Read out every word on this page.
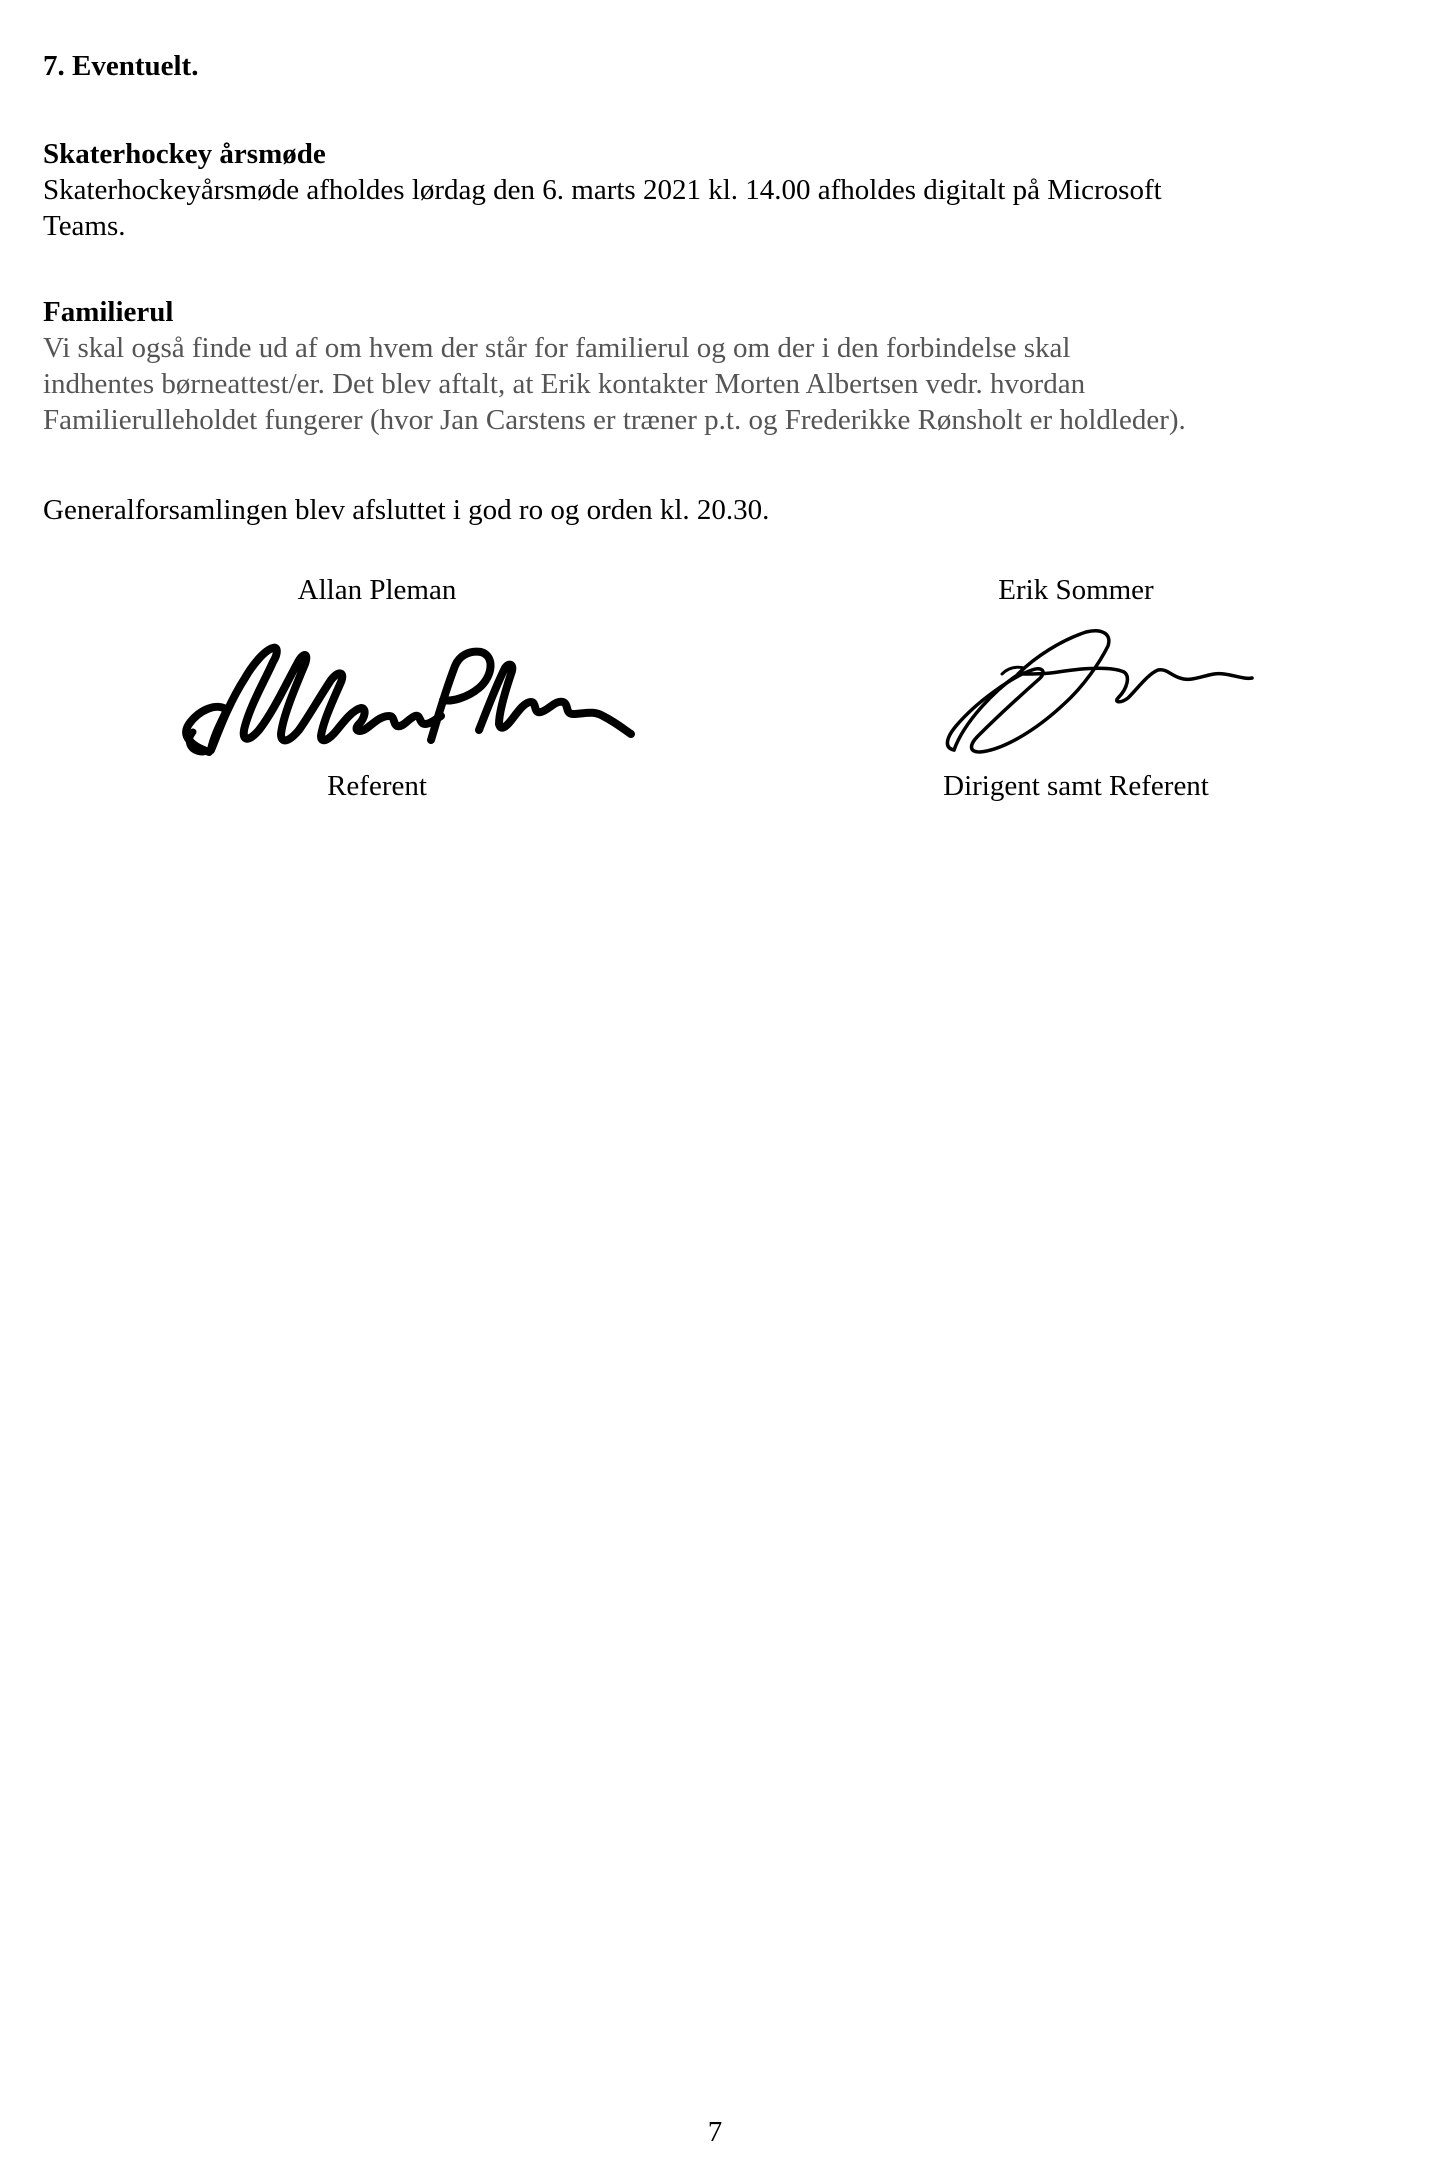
7. Eventuelt.
Skaterhockey årsmøde

Skaterhockeyårsmøde afholdes lørdag den 6. marts 2021 kl. 14.00 afholdes digitalt på Microsoft
Teams.

Familierul

Vi skal også finde ud af om hvem der står for familierul og om der i den forbindelse skal
indhentes børneattest/er. Det blev aftalt, at Erik kontakter Morten Albertsen vedr. hvordan
Familierulleholdet fungerer (hvor Jan Carstens er træner p.t. og Frederikke Rønsholt er holdleder).

Generalforsamlingen blev afsluttet i god ro og orden kl. 20.30.

Allan Pleman

Referent

Erik Sommer

Dirigent samt Referent

7
